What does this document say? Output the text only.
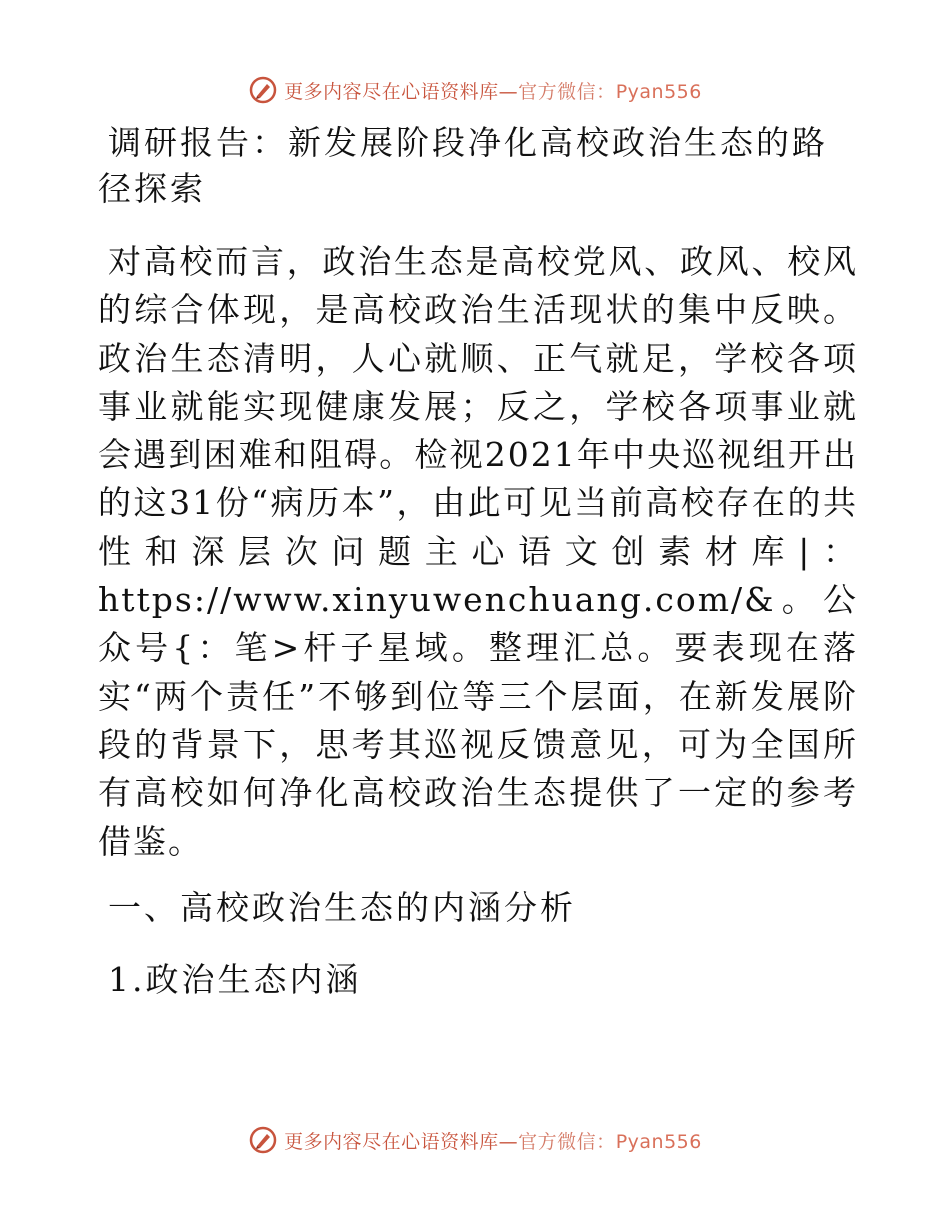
更多内容尽在心语资料库—官方微信：Pyan556
调研报告：新发展阶段净化高校政治生态的路径探索

对高校而言，政治生态是高校党风、政风、校风的综合体现，是高校政治生活现状的集中反映。政治生态清明，人心就顺、正气就足，学校各项事业就能实现健康发展；反之，学校各项事业就会遇到困难和阻碍。检视2021年中央巡视组开出的这31份“病历本”，由此可见当前高校存在的共性和深层次问题主心语文创素材库|：https://www.xinyuwenchuang.com/&。公众号{：笔>杆子星域。整理汇总。要表现在落实“两个责任”不够到位等三个层面，在新发展阶段的背景下，思考其巡视反馈意见，可为全国所有高校如何净化高校政治生态提供了一定的参考借鉴。

一、高校政治生态的内涵分析
1.政治生态内涵
更多内容尽在心语资料库—官方微信：Pyan556
